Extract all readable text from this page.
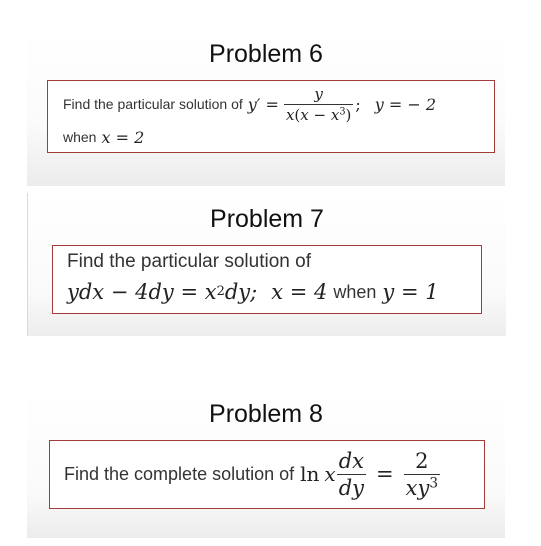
Problem 6
Find the particular solution of $y' = \frac{y}{x(x - x^3)}$ ; y = − 2
when x = 2
Problem 7
Find the particular solution of
ydx − 4dy = x 2 dy; x = 4 when y = 1
Problem 8
Find the complete solution of ln x $\frac{dx}{dy} = \frac{2}{xy^3}$
